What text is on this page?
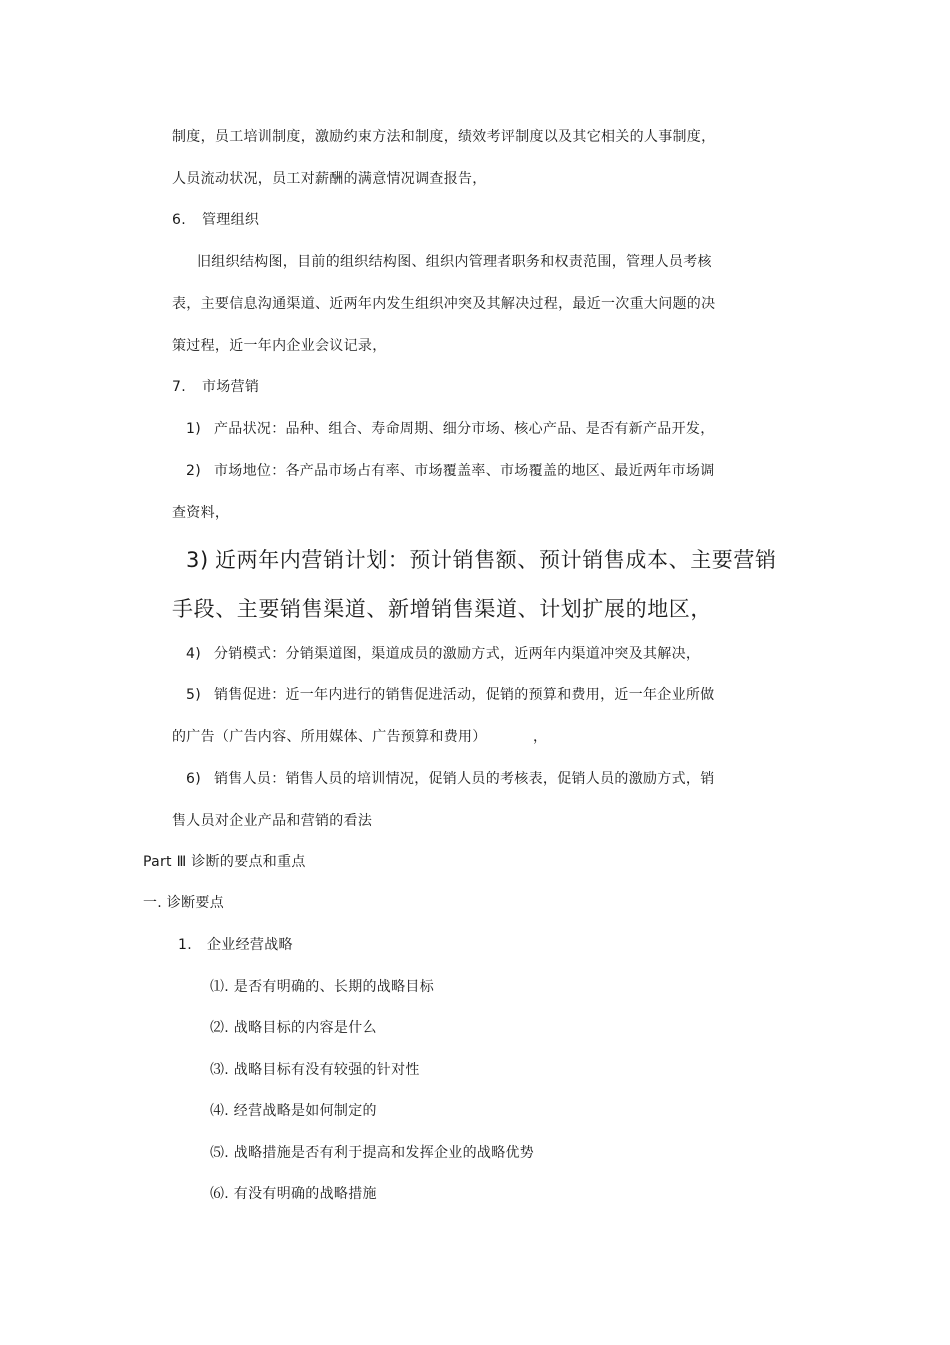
制度，员工培训制度，激励约束方法和制度，绩效考评制度以及其它相关的人事制度，
人员流动状况，员工对薪酬的满意情况调查报告，
6. 管理组织
旧组织结构图，目前的组织结构图、组织内管理者职务和权责范围，管理人员考核
表，主要信息沟通渠道、近两年内发生组织冲突及其解决过程，最近一次重大问题的决
策过程，近一年内企业会议记录，
7. 市场营销
1) 产品状况：品种、组合、寿命周期、细分市场、核心产品、是否有新产品开发，
2) 市场地位：各产品市场占有率、市场覆盖率、市场覆盖的地区、最近两年市场调
查资料，
3) 近两年内营销计划：预计销售额、预计销售成本、主要营销
手段、主要销售渠道、新增销售渠道、计划扩展的地区，
4) 分销模式：分销渠道图，渠道成员的激励方式，近两年内渠道冲突及其解决，
5) 销售促进：近一年内进行的销售促进活动，促销的预算和费用，近一年企业所做
的广告（广告内容、所用媒体、广告预算和费用）	，
6) 销售人员：销售人员的培训情况，促销人员的考核表，促销人员的激励方式，销
售人员对企业产品和营销的看法
Part Ⅲ 诊断的要点和重点
一. 诊断要点
1. 企业经营战略
⑴. 是否有明确的、长期的战略目标
⑵. 战略目标的内容是什么
⑶. 战略目标有没有较强的针对性
⑷. 经营战略是如何制定的
⑸. 战略措施是否有利于提高和发挥企业的战略优势
⑹. 有没有明确的战略措施
